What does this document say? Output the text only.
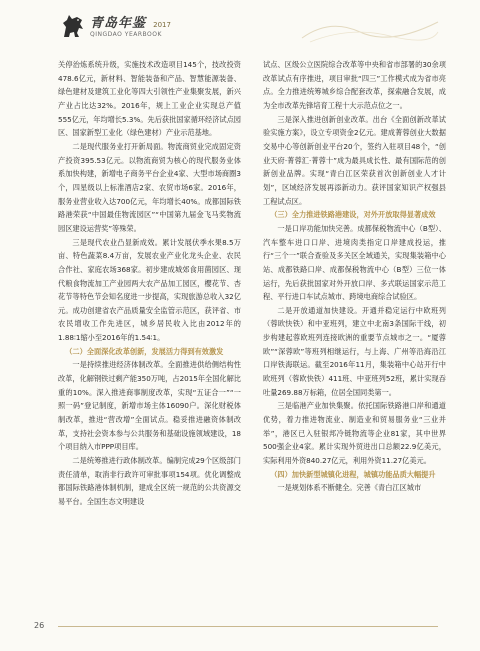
青岛年鉴 2017
QINGDAO YEARBOOK

关停治炼系统升级，实施技术改造项目145个，技改投资478.6亿元，新材料、智能装备和产品、智慧能源装备、绿色建材及建筑工业化等四大引领性产业集聚发展，新兴产业占比达32%。2016年，规上工业企业实现总产值555亿元，年均增长5.3%。先后获批国家循环经济试点园区、国家新型工业化（绿色建材）产业示范基地。

二是现代服务业打开新局面。物流商贸业完成固定资产投资395.53亿元。以物流商贸为核心的现代服务业体系加快构建，新增电子商务平台企业4家、大型市场商圈3个，四星级以上标准酒店2家、农贸市场6家。2016年，服务业营业收入达700亿元，年均增长40%。成都国际铁路港荣获“中国最佳物流园区”“中国第九届金飞马奖物流园区建设运营奖”等殊荣。

三是现代农业凸显新成效。累计发展伏季水果8.5万亩、特色蔬菜8.4万亩，发展农业产业化龙头企业、农民合作社、家庭农场368家。初步建成城郊食用菌园区、现代粮食物流加工产业园两大农产品加工园区，樱花节、杏花节等特色节会知名度进一步提高，实现旅游总收入32亿元。成功创建省农产品质量安全监管示范区，获评省、市农民增收工作先进区，城乡居民收入比由2012年的1.88∶1缩小至2016年的1.54∶1。

（二）全面深化改革创新，发展活力得到有效激发

一是持续推进经济体制改革。全面推进供给侧结构性改革，化解钢铁过剩产能350万吨，占2015年全国化解比重的10%。深入推进商事制度改革，实现“五证合一”“一照一码”登记制度，新增市场主体16090户。深化财税体制改革，推进“营改增”全面试点。稳妥推进融资体制改革，支持社会资本参与公共服务和基础设施领域建设，18个项目纳入市PPP项目库。

二是统筹推进行政体制改革。编制完成29个区级部门责任清单，取消非行政许可审批事项154项。优化调整成都国际铁路港体制机制，建成全区统一规范的公共资源交易平台。全国生态文明建设

试点、区级公立医院综合改革等中央和省市部署的30余项改革试点有序推进，项目审批“四三”工作模式成为省市亮点。全力推进统筹城乡综合配套改革，探索融合发展，成为全市改革先锋培育工程十大示范点位之一。

三是深入推进创新创业改革。出台《全面创新改革试验实施方案》，设立专项资金2亿元。建成菁蓉创业大数据交易中心等创新创业平台20个，签约入驻项目48个，“创业天府·菁蓉汇·菁蓉十”成为最具成长性、最有国际范的创新创业品牌。实现“青白江区荣获首次创新创业人才计划”，区域经济发展再添新动力。获评国家知识产权强县工程试点区。

（三）全力推进铁路港建设，对外开放取得显著成效

一是口岸功能加快完善。成都保税物流中心（B型）、汽车整车进口口岸、进境肉类指定口岸建成投运，推行“三个一”联合查验及多关区全域通关，实现集装箱中心站、成都铁路口岸、成都保税物流中心（B型）三位一体运行，先后获批国家对外开放口岸、多式联运国家示范工程、平行进口车试点城市、跨境电商综合试验区。

二是开放通道加快建设。开通并稳定运行中欧班列（蓉欧快铁）和中亚班列，建立中北南3条国际干线，初步构建起蓉欧班列连接欧洲的重要节点城市之一。“厦蓉欧”“深蓉欧”等班列相继运行，与上海、广州等沿海沿江口岸铁海联运。截至2016年11月，集装箱中心站开行中欧班列（蓉欧快铁）411班、中亚班列52班，累计实现吞吐量269.88万标箱，位居全国同类第一。

三是临港产业加快集聚。依托国际铁路港口岸和通道优势，着力推进物流业、制造业和贸易服务业“三业并举”，港区已入驻银邦冷链物流等企业81家，其中世界500强企业4家。累计实现外贸进出口总额22.9亿美元，实际利用外资840.27亿元，利用外资11.27亿美元。

（四）加快新型城镇化进程，城镇功能品质大幅提升

一是规划体系不断健全。完善《青白江区城市

26
